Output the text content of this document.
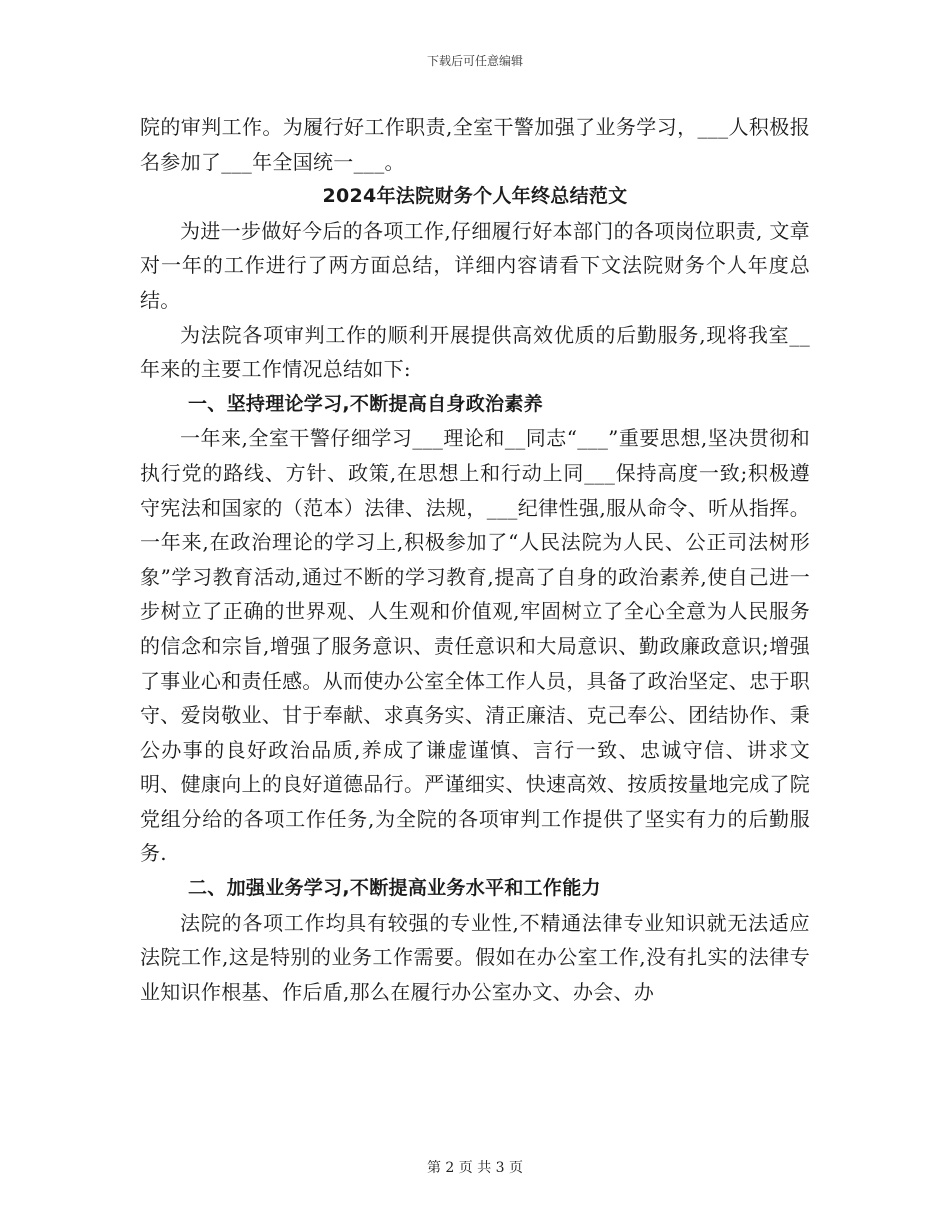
下载后可任意编辑

院的审判工作。为履行好工作职责,全室干警加强了业务学习，___人积极报名参加了___年全国统一___。

2024年法院财务个人年终总结范文

为进一步做好今后的各项工作,仔细履行好本部门的各项岗位职责, 文章对一年的工作进行了两方面总结，详细内容请看下文法院财务个人年度总结。

为法院各项审判工作的顺利开展提供高效优质的后勤服务,现将我室__年来的主要工作情况总结如下:

一、坚持理论学习,不断提高自身政治素养

一年来,全室干警仔细学习___理论和__同志“___”重要思想,坚决贯彻和执行党的路线、方针、政策,在思想上和行动上同___保持高度一致;积极遵守宪法和国家的（范本）法律、法规，___纪律性强,服从命令、听从指挥。一年来,在政治理论的学习上,积极参加了“人民法院为人民、公正司法树形象”学习教育活动,通过不断的学习教育,提高了自身的政治素养,使自己进一步树立了正确的世界观、人生观和价值观,牢固树立了全心全意为人民服务的信念和宗旨,增强了服务意识、责任意识和大局意识、勤政廉政意识;增强了事业心和责任感。从而使办公室全体工作人员，具备了政治坚定、忠于职守、爱岗敬业、甘于奉献、求真务实、清正廉洁、克己奉公、团结协作、秉公办事的良好政治品质,养成了谦虚谨慎、言行一致、忠诚守信、讲求文明、健康向上的良好道德品行。严谨细实、快速高效、按质按量地完成了院党组分给的各项工作任务,为全院的各项审判工作提供了坚实有力的后勤服务.

二、加强业务学习,不断提高业务水平和工作能力

法院的各项工作均具有较强的专业性,不精通法律专业知识就无法适应法院工作,这是特别的业务工作需要。假如在办公室工作,没有扎实的法律专业知识作根基、作后盾,那么在履行办公室办文、办会、办

第 2 页 共 3 页
